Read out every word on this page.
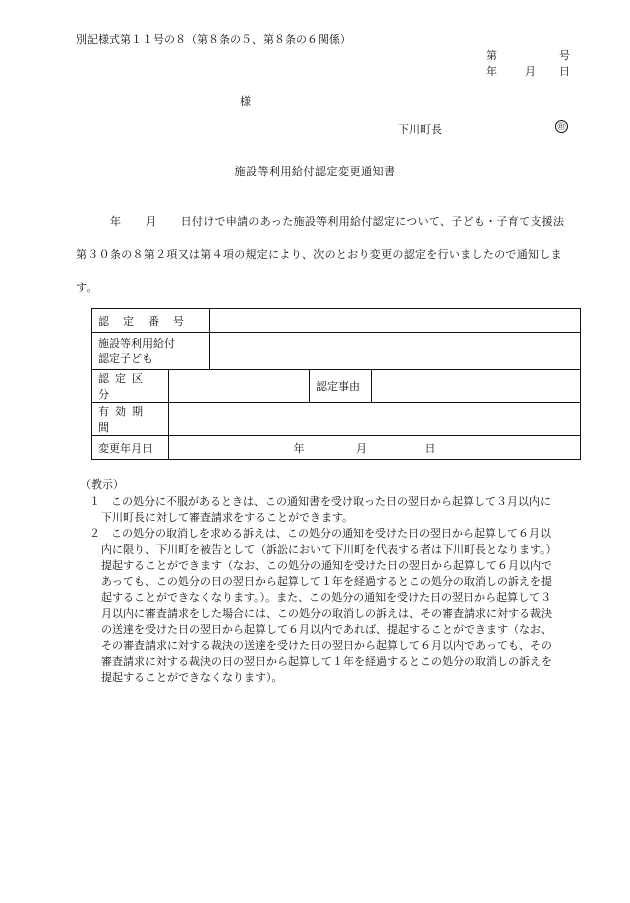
別記様式第１１号の８（第８条の５、第８条の６関係）
第	号
年	月 日
様
下川町長	㊞
施設等利用給付認定変更通知書
年 月 日付けで申請のあった施設等利用給付認定について、子ども・子育て支援法
第３０条の８第２項又は第４項の規定により、次のとおり変更の認定を行いましたので通知しま
す。
認定番号				
施設等利用給付
認定子ども				
認定区分			認定事由	
有効期間				
変更年月日	年 月 日			
（教示）
１	この処分に不服があるときは、この通知書を受け取った日の翌日から起算して３月以内に
下川町長に対して審査請求をすることができます。
２	この処分の取消しを求める訴えは、この処分の通知を受けた日の翌日から起算して６月以
内に限り、下川町を被告として（訴訟において下川町を代表する者は下川町長となります。）
提起することができます（なお、この処分の通知を受けた日の翌日から起算して６月以内で
あっても、この処分の日の翌日から起算して１年を経過するとこの処分の取消しの訴えを提
起することができなくなります。）。また、この処分の通知を受けた日の翌日から起算して３
月以内に審査請求をした場合には、この処分の取消しの訴えは、その審査請求に対する裁決
の送達を受けた日の翌日から起算して６月以内であれば、提起することができます（なお、
その審査請求に対する裁決の送達を受けた日の翌日から起算して６月以内であっても、その
審査請求に対する裁決の日の翌日から起算して１年を経過するとこの処分の取消しの訴えを
提起することができなくなります）。
